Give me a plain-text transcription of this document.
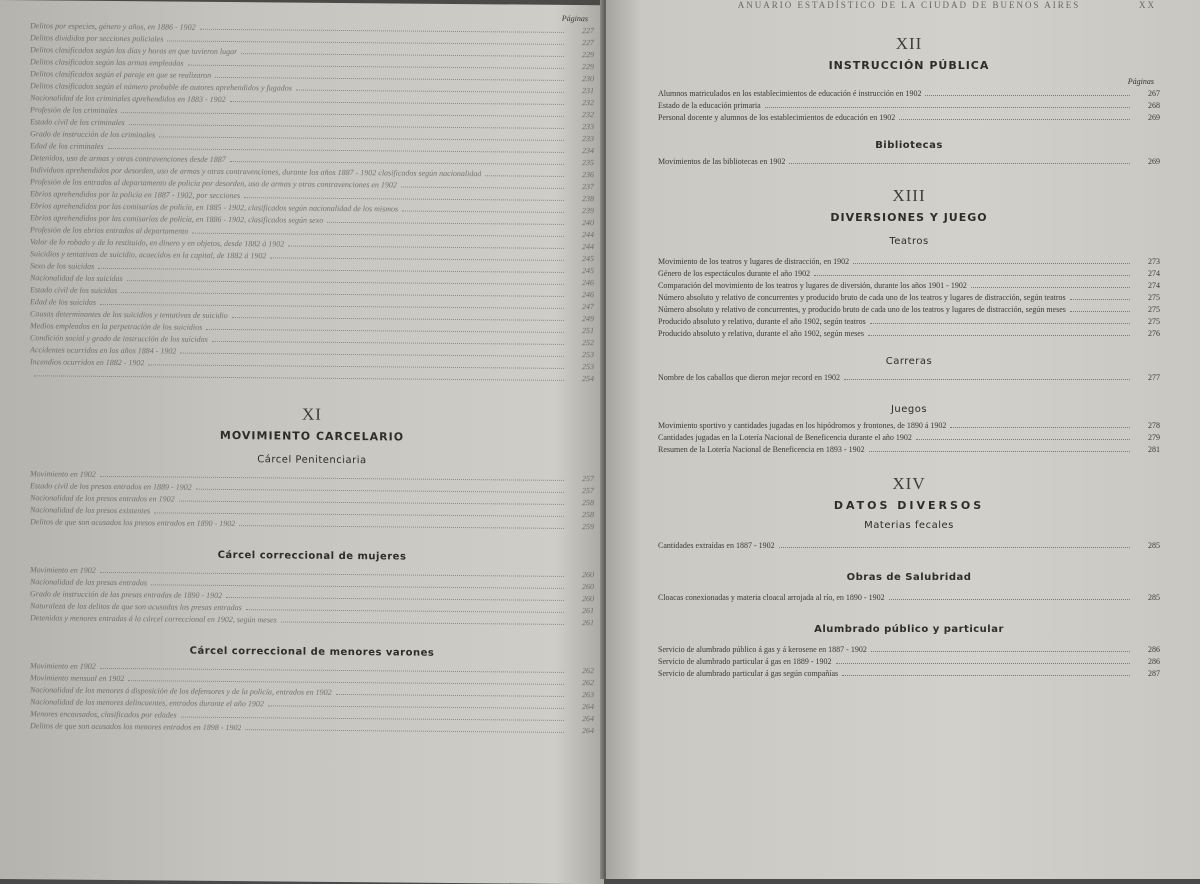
Páginas
Delitos por especies, género y años, en 1886 - 1902	227
Delitos divididos por secciones policiales	227
Delitos clasificados según los días y horas en que tuvieron lugar	229
Delitos clasificados según las armas empleadas	229
Delitos clasificados según el paraje en que se realizaron	230
Delitos clasificados según el número probable de autores aprehendidos y fugados	231
Nacionalidad de los criminales aprehendidos en 1883 - 1902	232
Profesión de los criminales	232
Estado civil de los criminales	233
Grado de instrucción de los criminales	233
Edad de los criminales	234
Detenidos, uso de armas y otras contravenciones desde 1887	235
Individuos aprehendidos por desorden, uso de armas y otras contravenciones, durante los años 1887 - 1902 clasificados según nacionalidad	236
Profesión de los entrados al departamento de policía por desorden, uso de armas y otras contravenciones en 1902	237
Ebrios aprehendidos por la policía en 1887 - 1902, por secciones	238
Ebrios aprehendidos por las comisarías de policía, en 1885 - 1902, clasificados según nacionalidad de los mismos	239
Ebrios aprehendidos por las comisarías de policía, en 1886 - 1902, clasificados según sexo	240
Profesión de los ebrios entrados al departamento	244
Valor de lo robado y de lo restituido, en dinero y en objetos, desde 1882 á 1902	244
Suicidios y tentativas de suicidio, acaecidos en la capital, de 1882 á 1902	245
Sexo de los suicidas	245
Nacionalidad de los suicidas	246
Estado civil de los suicidas	246
Edad de los suicidas	247
Causas determinantes de los suicidios y tentativas de suicidio	249
Medios empleados en la perpetración de los suicidios	251
Condición social y grado de instrucción de los suicidas	252
Accidentes ocurridos en los años 1884 - 1902	253
Incendios ocurridos en 1882 - 1902	253
254
XI
MOVIMIENTO CARCELARIO
Cárcel Penitenciaria
Movimiento en 1902	257
Estado civil de los presos entrados en 1889 - 1902	257
Nacionalidad de los presos entrados en 1902	258
Nacionalidad de los presos existentes	258
Delitos de que son acusados los presos entrados en 1890 - 1902	259
Cárcel correccional de mujeres
Movimiento en 1902	260
Nacionalidad de las presas entradas	260
Grado de instrucción de las presas entradas de 1890 - 1902	260
Naturaleza de los delitos de que son acusadas las presas entradas	261
Detenidas y menores entradas á la cárcel correccional en 1902, según meses	261
Cárcel correccional de menores varones
Movimiento en 1902	262
Movimiento mensual en 1902	262
Nacionalidad de los menores á disposición de los defensores y de la policía, entrados en 1902	263
Nacionalidad de los menores delincuentes, entrados durante el año 1902	264
Menores encausados, clasificados por edades	264
Delitos de que son acusados los menores entrados en 1898 - 1902	264
ANUARIO ESTADÍSTICO DE LA CIUDAD DE BUENOS AIRES	XX
XII
INSTRUCCIÓN PÚBLICA
Páginas
Alumnos matriculados en los establecimientos de educación é instrucción en 1902	267
Estado de la educación primaria	268
Personal docente y alumnos de los establecimientos de educación en 1902	269
Bibliotecas
Movimientos de las bibliotecas en 1902	269
XIII
DIVERSIONES Y JUEGO
Teatros
Movimiento de los teatros y lugares de distracción, en 1902	273
Género de los espectáculos durante el año 1902	274
Comparación del movimiento de los teatros y lugares de diversión, durante los años 1901 - 1902	274
Número absoluto y relativo de concurrentes y producido bruto de cada uno de los teatros y lugares de distracción, según teatros	275
Número absoluto y relativo de concurrentes, y producido bruto de cada uno de los teatros y lugares de distracción, según meses	275
Producido absoluto y relativo, durante el año 1902, según teatros	275
Producido absoluto y relativo, durante el año 1902, según meses	276
Carreras
Nombre de los caballos que dieron mejor record en 1902	277
Juegos
Movimiento sportivo y cantidades jugadas en los hipódromos y frontones, de 1890 á 1902	278
Cantidades jugadas en la Lotería Nacional de Beneficencia durante el año 1902	279
Resumen de la Lotería Nacional de Beneficencia en 1893 - 1902	281
XIV
DATOS DIVERSOS
Materias fecales
Cantidades extraídas en 1887 - 1902	285
Obras de Salubridad
Cloacas conexionadas y materia cloacal arrojada al río, en 1890 - 1902	285
Alumbrado público y particular
Servicio de alumbrado público á gas y á kerosene en 1887 - 1902	286
Servicio de alumbrado particular á gas en 1889 - 1902	286
Servicio de alumbrado particular á gas según compañías	287
